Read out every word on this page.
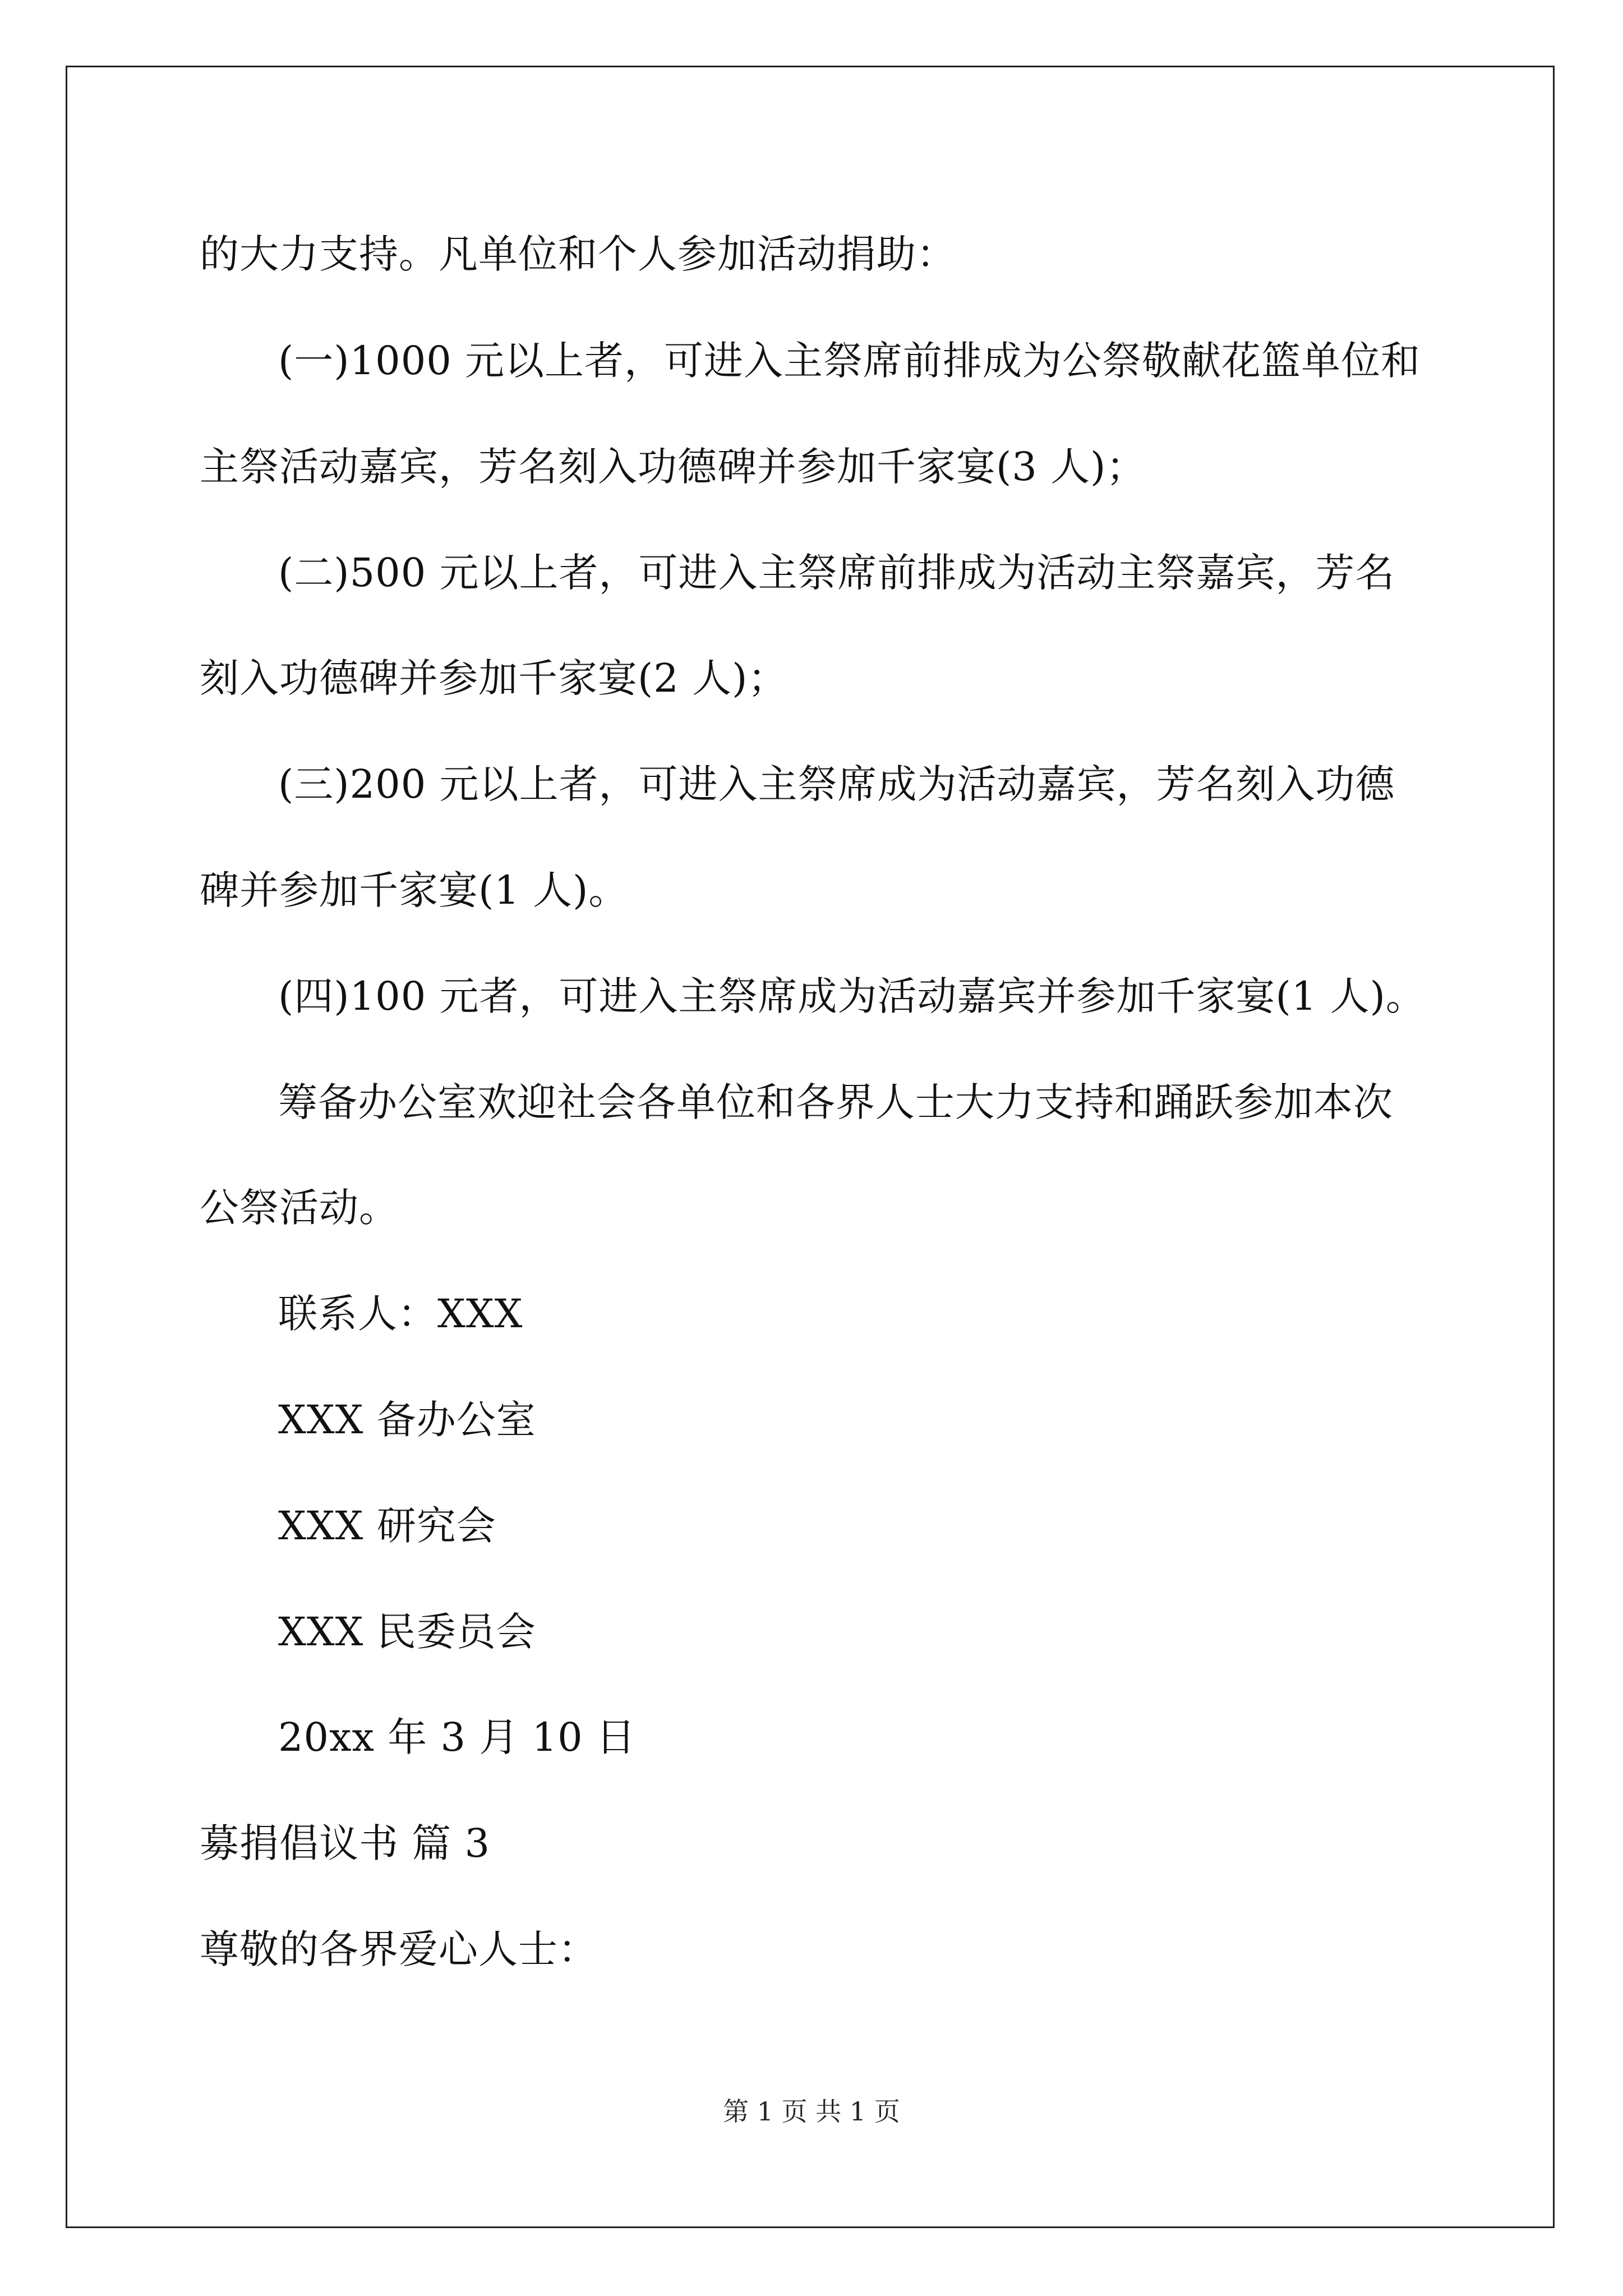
的大力支持。凡单位和个人参加活动捐助：
(一)1000 元以上者，可进入主祭席前排成为公祭敬献花篮单位和
主祭活动嘉宾，芳名刻入功德碑并参加千家宴(3 人)；
(二)500 元以上者，可进入主祭席前排成为活动主祭嘉宾，芳名
刻入功德碑并参加千家宴(2 人)；
(三)200 元以上者，可进入主祭席成为活动嘉宾，芳名刻入功德
碑并参加千家宴(1 人)。
(四)100 元者，可进入主祭席成为活动嘉宾并参加千家宴(1 人)。
筹备办公室欢迎社会各单位和各界人士大力支持和踊跃参加本次
公祭活动。
联系人：XXX
XXX 备办公室
XXX 研究会
XXX 民委员会
20xx 年 3 月 10 日
募捐倡议书 篇 3
尊敬的各界爱心人士：
第 1 页 共 1 页
